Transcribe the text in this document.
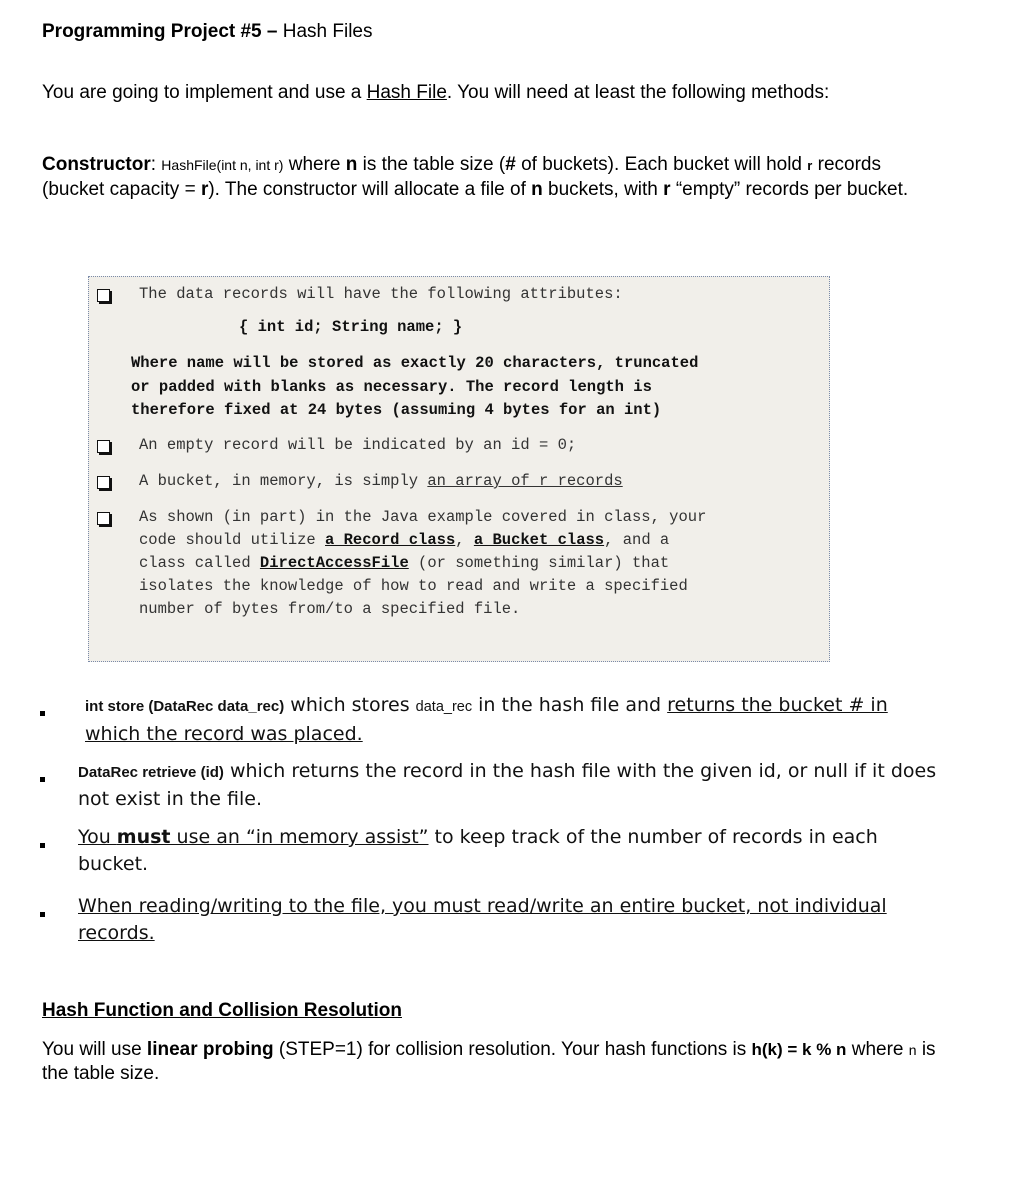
Programming Project #5 – Hash Files
You are going to implement and use a Hash File. You will need at least the following methods:
Constructor: HashFile(int n, int r) where n is the table size (# of buckets). Each bucket will hold r records (bucket capacity = r). The constructor will allocate a file of n buckets, with r “empty” records per bucket.
The data records will have the following attributes:
{ int id; String name; }
Where name will be stored as exactly 20 characters, truncated
or padded with blanks as necessary. The record length is
therefore fixed at 24 bytes (assuming 4 bytes for an int)
An empty record will be indicated by an id = 0;
A bucket, in memory, is simply an array of r records
As shown (in part) in the Java example covered in class, your
code should utilize a Record class, a Bucket class, and a
class called DirectAccessFile (or something similar) that
isolates the knowledge of how to read and write a specified
number of bytes from/to a specified file.
int store (DataRec data_rec) which stores data_rec in the hash file and returns the bucket # in which the record was placed.
DataRec retrieve (id) which returns the record in the hash file with the given id, or null if it does not exist in the file.
You must use an “in memory assist” to keep track of the number of records in each bucket.
When reading/writing to the file, you must read/write an entire bucket, not individual records.
Hash Function and Collision Resolution
You will use linear probing (STEP=1) for collision resolution. Your hash functions is h(k) = k % n where n is the table size.
